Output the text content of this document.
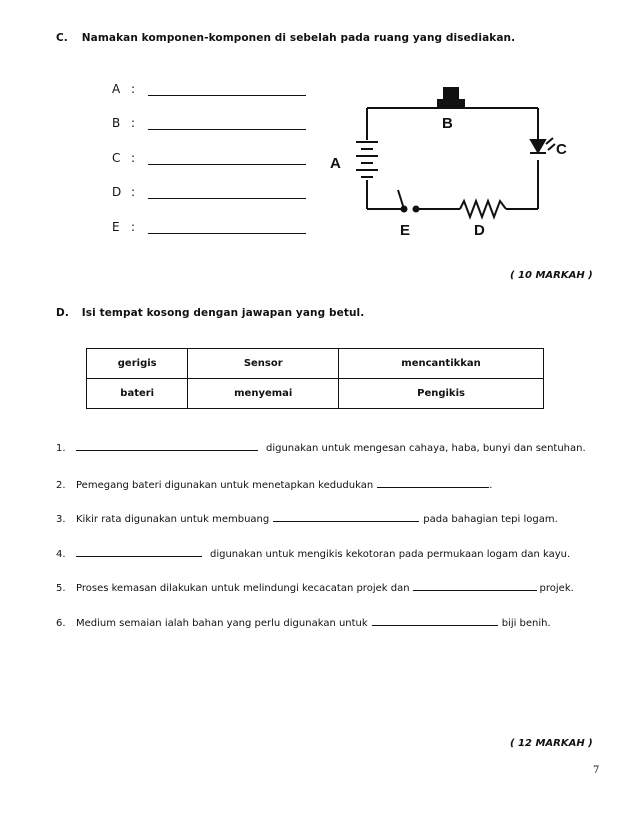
C. Namakan komponen-komponen di sebelah pada ruang yang disediakan.
A :
B :
C :
D :
E :
A
B
C
D
E
( 10 MARKAH )
D. Isi tempat kosong dengan jawapan yang betul.
gerigis	Sensor	mencantikkan
bateri	menyemai	Pengikis
1.	digunakan untuk mengesan cahaya, haba, bunyi dan sentuhan.
2. Pemegang bateri digunakan untuk menetapkan kedudukan	.
3. Kikir rata digunakan untuk membuang	pada bahagian tepi logam.
4.	digunakan untuk mengikis kekotoran pada permukaan logam dan kayu.
5. Proses kemasan dilakukan untuk melindungi kecacatan projek dan	projek.
6. Medium semaian ialah bahan yang perlu digunakan untuk	biji benih.
( 12 MARKAH )
7
